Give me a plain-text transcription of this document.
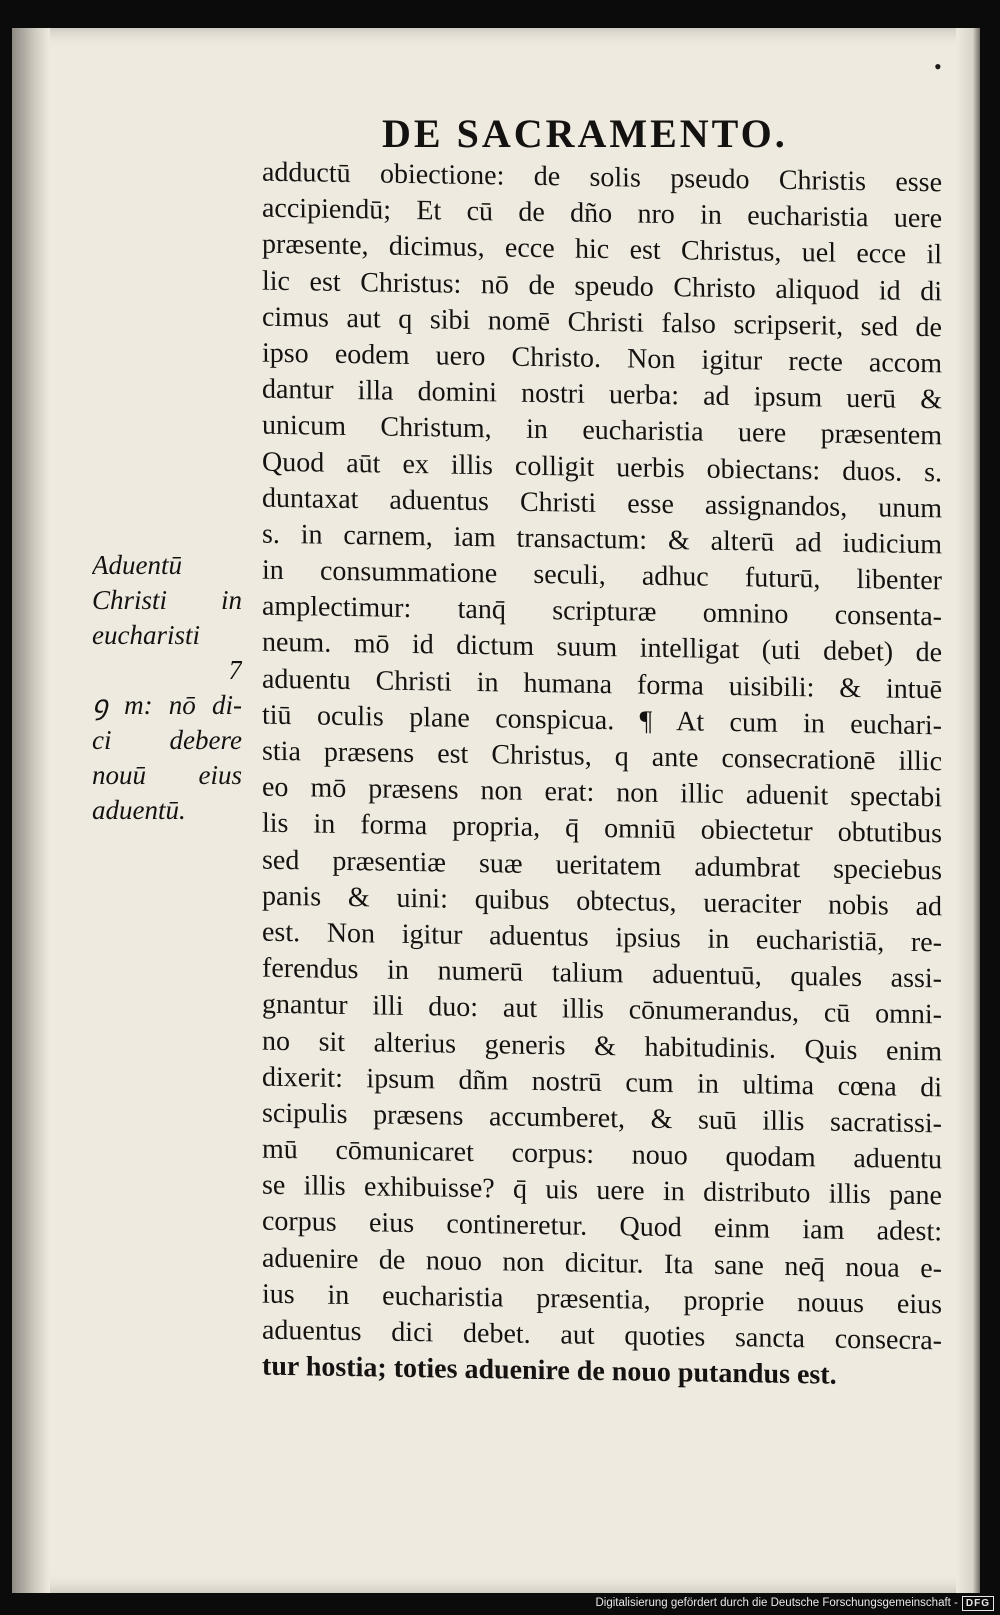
•
DE SACRAMENTO.
adductū obiectione: de solis pseudo Christis esse
accipiendū; Et cū de dño nro in eucharistia uere
præsente, dicimus, ecce hic est Christus, uel ecce il
lic est Christus: nō de speudo Christo aliquod id di
cimus aut q sibi nomē Christi falso scripserit, sed de
ipso eodem uero Christo. Non igitur recte accom
dantur illa domini nostri uerba: ad ipsum uerū &
unicum Christum, in eucharistia uere præsentem
Quod aūt ex illis colligit uerbis obiectans: duos. s.
duntaxat aduentus Christi esse assignandos, unum
s. in carnem, iam transactum: & alterū ad iudicium
in consummatione seculi, adhuc futurū, libenter
amplectimur: tanq̄ scripturæ omnino consenta-
neum. mō id dictum suum intelligat (uti debet) de
aduentu Christi in humana forma uisibili: & intuē
tiū oculis plane conspicua. ¶ At cum in euchari-
stia præsens est Christus, q ante consecrationē illic
eo mō præsens non erat: non illic aduenit spectabi
lis in forma propria, q̄ omniū obiectetur obtutibus
sed præsentiæ suæ ueritatem adumbrat speciebus
panis & uini: quibus obtectus, ueraciter nobis ad
est. Non igitur aduentus ipsius in eucharistiā, re-
ferendus in numerū talium aduentuū, quales assi-
gnantur illi duo: aut illis cōnumerandus, cū omni-
no sit alterius generis & habitudinis. Quis enim
dixerit: ipsum dñm nostrū cum in ultima cœna di
scipulis præsens accumberet, & suū illis sacratissi-
mū cōmunicaret corpus: nouo quodam aduentu
se illis exhibuisse? q̄ uis uere in distributo illis pane
corpus eius contineretur. Quod einm iam adest:
aduenire de nouo non dicitur. Ita sane neq̄ noua e-
ius in eucharistia præsentia, proprie nouus eius
aduentus dici debet. aut quoties sancta consecra-
tur hostia; toties aduenire de nouo putandus est.
Aduentū
Christi in
eucharisti
7
ꝯ m: nō di-
ci debere
nouū eius
aduentū.
Digitalisierung gefördert durch die Deutsche Forschungsgemeinschaft - DFG
